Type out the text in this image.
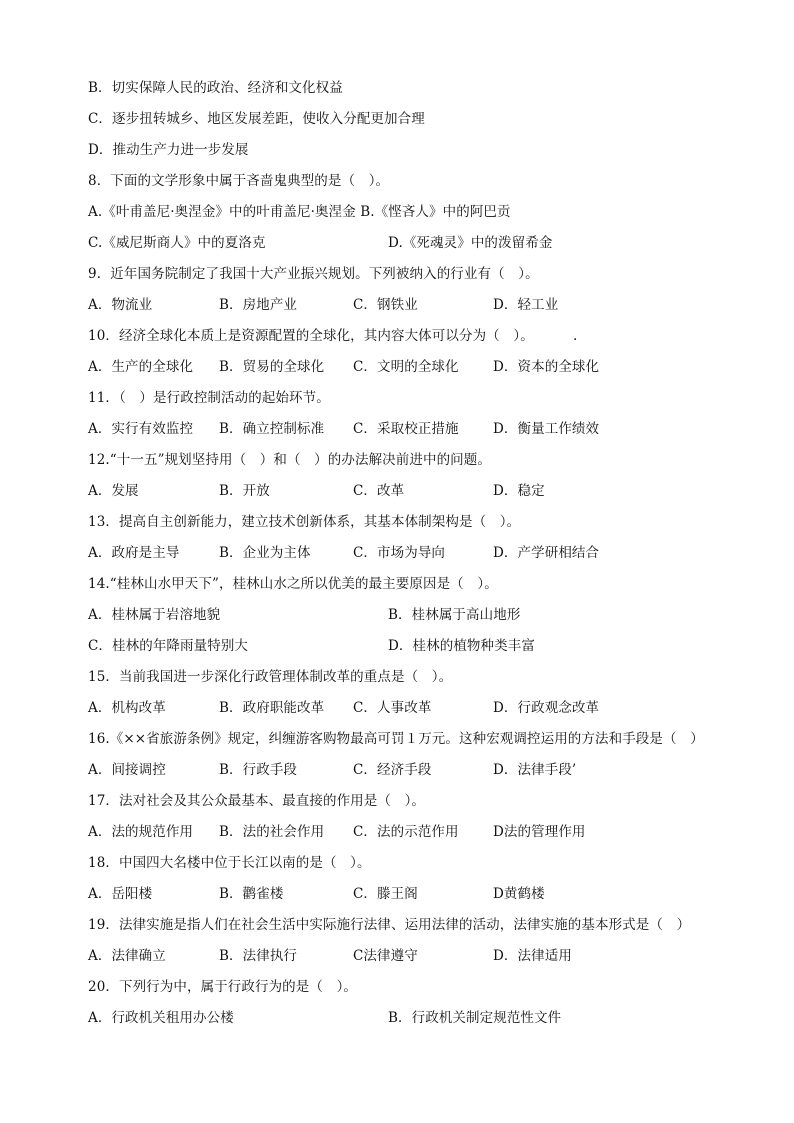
B．切实保障人民的政治、经济和文化权益
C．逐步扭转城乡、地区发展差距，使收入分配更加合理
D．推动生产力进一步发展
8．下面的文学形象中属于吝啬鬼典型的是（　）。
A.《叶甫盖尼·奥涅金》中的叶甫盖尼·奥涅金 B.《悭吝人》中的阿巴贡
C.《威尼斯商人》中的夏洛克	D.《死魂灵》中的泼留希金
9．近年国务院制定了我国十大产业振兴规划。下列被纳入的行业有（　）。
A．物流业	B．房地产业	C．钢铁业	D．轻工业
10．经济全球化本质上是资源配置的全球化，其内容大体可以分为（　）。	.
A．生产的全球化 B．贸易的全球化 C．文明的全球化	D．资本的全球化
11．（　）是行政控制活动的起始环节。
A．实行有效监控 B．确立控制标准 C．采取校正措施	D．衡量工作绩效
12.“十一五”规划坚持用（　）和（　）的办法解决前进中的问题。
A．发展	B．开放	C．改革	D．稳定
13．提高自主创新能力，建立技术创新体系，其基本体制架构是（　）。
A．政府是主导	B．企业为主体	C．市场为导向	D．产学研相结合
14.“桂林山水甲天下”，桂林山水之所以优美的最主要原因是（　）。
A．桂林属于岩溶地貌	B．桂林属于高山地形
C．桂林的年降雨量特别大	D．桂林的植物种类丰富
15．当前我国进一步深化行政管理体制改革的重点是（　）。
A．机构改革	B．政府职能改革 C．人事改革	D．行政观念改革
16.《××省旅游条例》规定，纠缠游客购物最高可罚１万元。这种宏观调控运用的方法和手段是（　）
A．间接调控	B．行政手段	C．经济手段	D．法律手段’
17．法对社会及其公众最基本、最直接的作用是（　）。
A．法的规范作用 B．法的社会作用 C．法的示范作用	D法的管理作用
18．中国四大名楼中位于长江以南的是（　）。
A．岳阳楼	B．鹳雀楼	C．滕王阁	D黄鹤楼
19．法律实施是指人们在社会生活中实际施行法律、运用法律的活动，法律实施的基本形式是（　）
A．法律确立	B．法律执行	C法律遵守	D．法律适用
20．下列行为中，属于行政行为的是（　）。
A．行政机关租用办公楼	B．行政机关制定规范性文件
